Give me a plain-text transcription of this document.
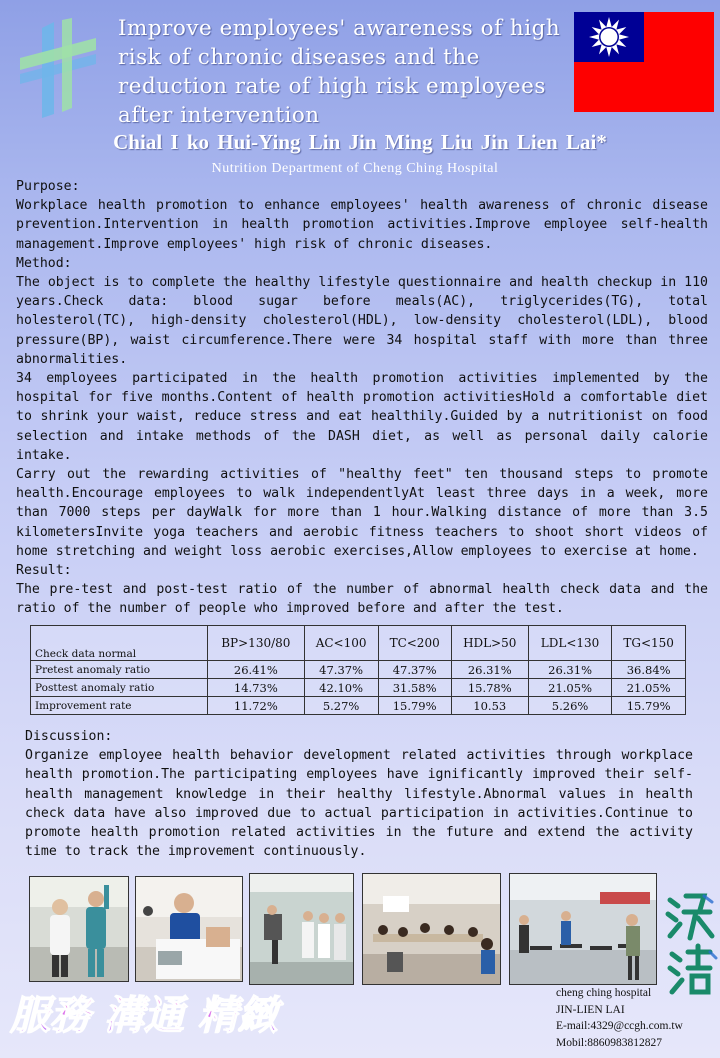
Improve employees' awareness of high risk of chronic diseases and the reduction rate of high risk employees after intervention
Chial I ko Hui-Ying Lin Jin Ming Liu Jin Lien Lai*
Nutrition Department of Cheng Ching Hospital

Purpose:

Workplace health promotion to enhance employees' health awareness of chronic disease prevention.Intervention in health promotion activities.Improve employee self-health management.Improve employees' high risk of chronic diseases.

Method:

The object is to complete the healthy lifestyle questionnaire and health checkup in 110 years.Check data: blood sugar before meals(AC), triglycerides(TG), total holesterol(TC), high-density cholesterol(HDL), low-density cholesterol(LDL), blood pressure(BP), waist circumference.There were 34 hospital staff with more than three abnormalities.

34 employees participated in the health promotion activities implemented by the hospital for five months.Content of health promotion activitiesHold a comfortable diet to shrink your waist, reduce stress and eat healthily.Guided by a nutritionist on food selection and intake methods of the DASH diet, as well as personal daily calorie intake.

Carry out the rewarding activities of "healthy feet" ten thousand steps to promote health.Encourage employees to walk independentlyAt least three days in a week, more than 7000 steps per dayWalk for more than 1 hour.Walking distance of more than 3.5 kilometersInvite yoga teachers and aerobic fitness teachers to shoot short videos of home stretching and weight loss aerobic exercises,Allow employees to exercise at home.

Result:

The pre-test and post-test ratio of the number of abnormal health check data and the ratio of the number of people who improved before and after the test.

Check data normal	BP>130/80	AC<100	TC<200	HDL>50	LDL<130	TG<150
Pretest anomaly ratio	26.41%	47.37%	47.37%	26.31%	26.31%	36.84%
Posttest anomaly ratio	14.73%	42.10%	31.58%	15.78%	21.05%	21.05%
Improvement rate	11.72%	5.27%	15.79%	10.53	5.26%	15.79%

Discussion:

Organize employee health behavior development related activities through workplace health promotion.The participating employees have ignificantly improved their self-health management knowledge in their healthy lifestyle.Abnormal values in health check data have also improved due to actual participation in activities.Continue to promote health promotion related activities in the future and extend the activity time to track the improvement continuously.

服務 溝通 精緻	cheng ching hospital
JIN-LIEN LAI
E-mail:4329@ccgh.com.tw
Mobil:8860983812827
